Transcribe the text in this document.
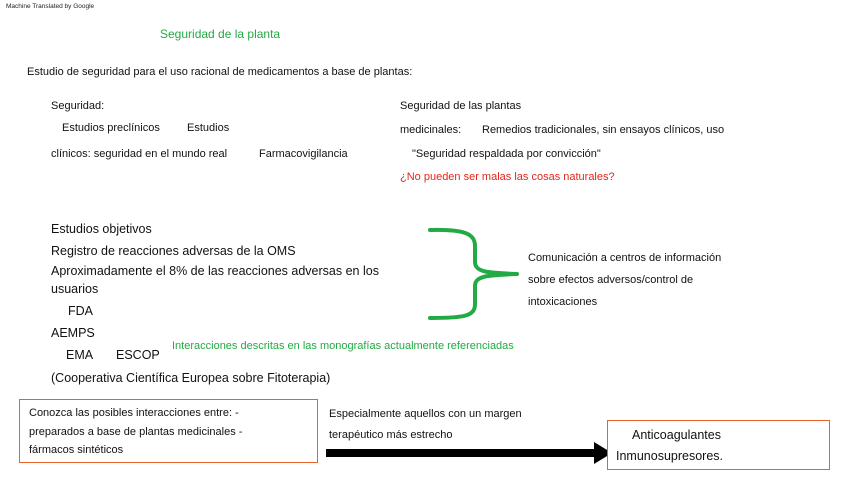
Machine Translated by Google
Seguridad de la planta
Estudio de seguridad para el uso racional de medicamentos a base de plantas:
Seguridad:
Estudios preclínicos Estudios
clínicos: seguridad en el mundo real	Farmacovigilancia
Seguridad de las plantas
medicinales: Remedios tradicionales, sin ensayos clínicos, uso
"Seguridad respaldada por convicción"
¿No pueden ser malas las cosas naturales?
Estudios objetivos
Registro de reacciones adversas de la OMS
Aproximadamente el 8% de las reacciones adversas en los
usuarios
FDA
AEMPS
EMA ESCOP
(Cooperativa Científica Europea sobre Fitoterapia)
Interacciones descritas en las monografías actualmente referenciadas
Comunicación a centros de información
sobre efectos adversos/control de
intoxicaciones
Conozca las posibles interacciones entre: -
preparados a base de plantas medicinales -
fármacos sintéticos
Especialmente aquellos con un margen
terapéutico más estrecho	Anticoagulantes
Inmunosupresores.
